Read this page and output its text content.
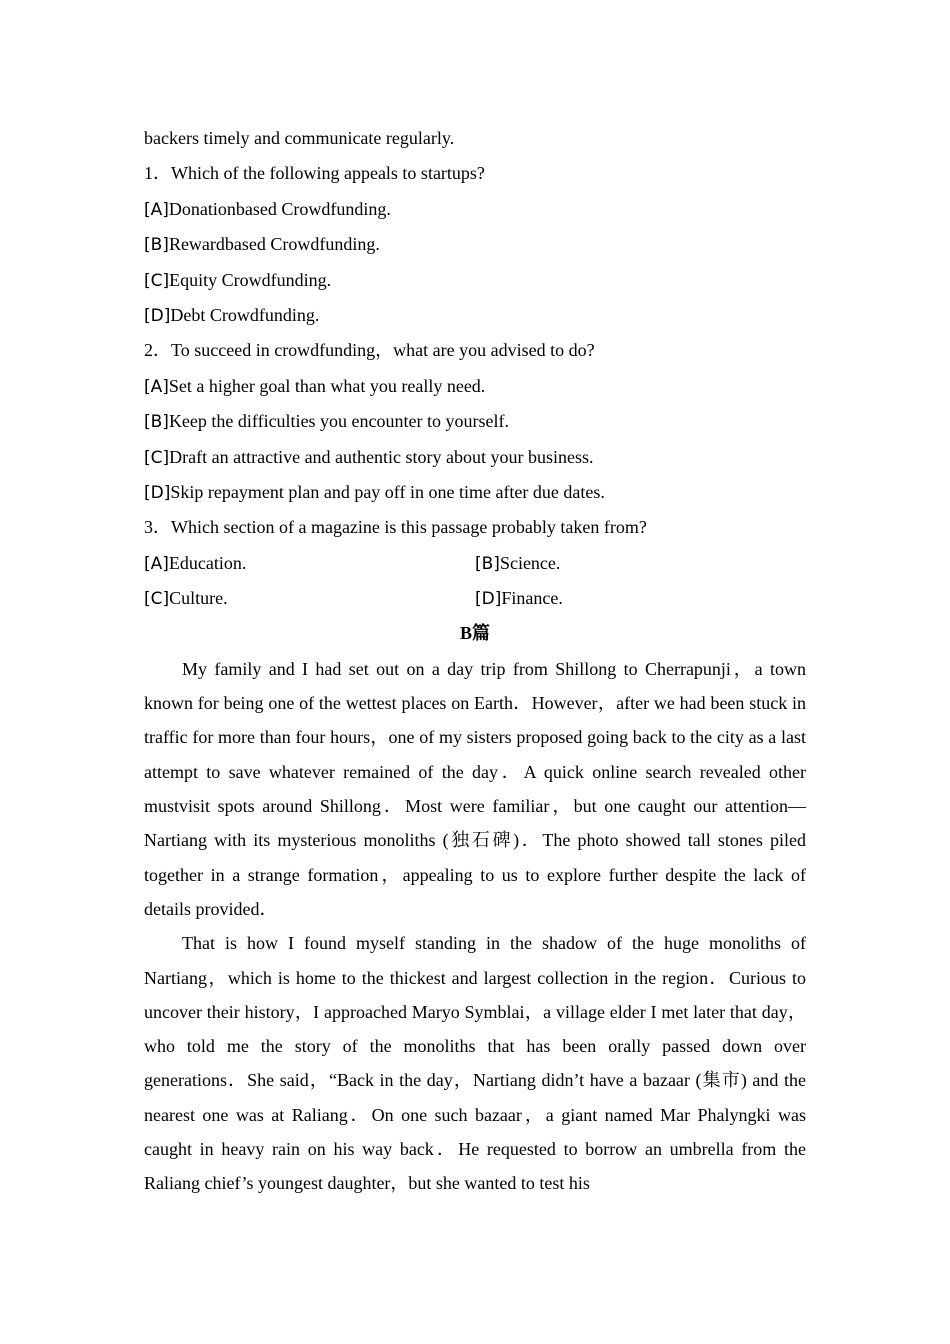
backers timely and communicate regularly.
1．Which of the following appeals to startups?
[A]Donationbased Crowdfunding.
[B]Rewardbased Crowdfunding.
[C]Equity Crowdfunding.
[D]Debt Crowdfunding.
2．To succeed in crowdfunding，what are you advised to do?
[A]Set a higher goal than what you really need.
[B]Keep the difficulties you encounter to yourself.
[C]Draft an attractive and authentic story about your business.
[D]Skip repayment plan and pay off in one time after due dates.
3．Which section of a magazine is this passage probably taken from?
[A]Education.	[B]Science.
[C]Culture.	[D]Finance.
B篇

My family and I had set out on a day trip from Shillong to Cherrapunji，a town known for being one of the wettest places on Earth．However，after we had been stuck in traffic for more than four hours，one of my sisters proposed going back to the city as a last attempt to save whatever remained of the day．A quick online search revealed other mustvisit spots around Shillong．Most were familiar，but one caught our attention—Nartiang with its mysterious monoliths (独石碑)．The photo showed tall stones piled together in a strange formation，appealing to us to explore further despite the lack of details provided．

That is how I found myself standing in the shadow of the huge monoliths of Nartiang，which is home to the thickest and largest collection in the region．Curious to uncover their history，I approached Maryo Symblai，a village elder I met later that day，who told me the story of the monoliths that has been orally passed down over generations．She said，“Back in the day，Nartiang didn’t have a bazaar (集市) and the nearest one was at Raliang．On one such bazaar，a giant named Mar Phalyngki was caught in heavy rain on his way back．He requested to borrow an umbrella from the Raliang chief’s youngest daughter，but she wanted to test his
